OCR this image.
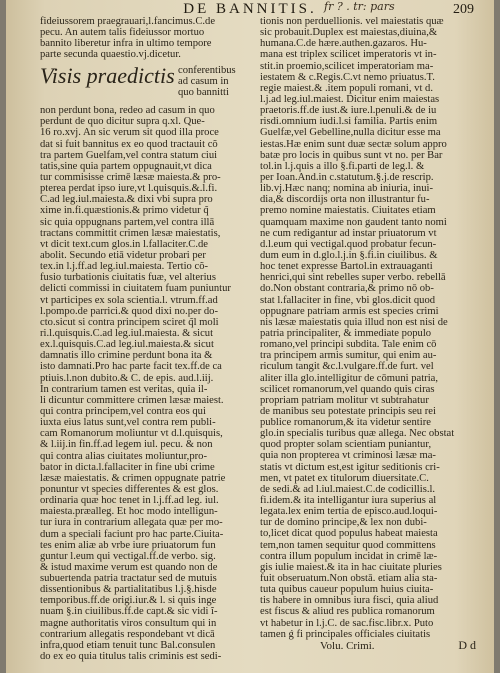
DE BANNITIS. fr ? . tr: pars	209
fideiussorem praegrauari,l.fancimus.C.de
pecu. An autem talis fideiussor mortuo
bannito liberetur infra in ultimo tempore
parte secunda quaestio.vj.dicetur.
Visis praedictis conferentibus
ad casum in
quo bannitti
non perdunt bona, redeo ad casum in quo
perdunt de quo dicitur supra q.xl. Que-
16 ro.xvj. An sic verum sit quod illa proce
dat si fuit bannitus ex eo quod tractauit cõ
tra partem Guelfam,vel contra statum ciui
tatis,sine quia partem oppugnauit,vt dica
tur commisisse crimē læsæ maiesta.& pro-
pterea perdat ipso iure,vt l.quisquis.&.l.fi.
C.ad leg.iul.maiesta.& dixi vbi supra pro
xime in.fi.quæstionis.& primo videtur q̃
sic quia oppugnans partem,vel contra illā
tractans committit crimen læsæ maiestatis,
vt dicit text.cum glos.in l.fallaciter.C.de
abolit. Secundo etiā videtur probari per
tex.in l.j.ff.ad leg.iul.maiesta. Tertio cõ-
fusio turbationis ciuitatis fuæ, vel alterius
delicti commissi in ciuitatem fuam puniuntur
vt participes ex sola scientia.l. vtrum.ff.ad
l.pompo.de parrici.& quod dixi no.per do-
cto.sicut si contra principem sciret q̃l moli
ri.l.quisquis.C.ad leg.iul.maiesta. & sicut
ex.l.quisquis.C.ad leg.iul.maiesta.& sicut
damnatis illo crimine perdunt bona ita &
isto damnati.Pro hac parte facit tex.ff.de ca
ptiuis.l.non dubito.& C. de epis. aud.l.iij.
In contrarium tamen est veritas, quia il-
li dicuntur committere crimen læsæ maiest.
qui contra principem,vel contra eos qui
iuxta eius latus sunt,vel contra rem publi-
cam Romanorum moliuntur vt d.l.quisquis,
& l.iij.in fin.ff.ad legem iul. pecu. & non
qui contra alias ciuitates moliuntur,pro-
bator in dicta.l.fallaciter in fine ubi crime
læsæ maiestatis. & crimen oppugnate patrie
ponuntur vt species differentes & est glos.
ordinaria quæ hoc tenet in l.j.ff.ad leg. iul.
maiesta.præalleg. Et hoc modo intelligun-
tur iura in contrarium allegata quæ per mo-
dum a speciali faciunt pro hac parte.Ciuita-
tes enim aliæ ab vrbe iure priuatorum fun
guntur l.eum qui vectigal.ff.de verbo. sig.
& istud maxime verum est quando non de
subuertenda patria tractatur sed de mutuis
dissentionibus & partialitatibus l.j.§.hisde
temporibus.ff.de origi.iur.& l. si quis inge
nuam §.in ciuilibus.ff.de capt.& sic vidi ĩ-
magne authoritatis viros consultum qui in
contrarium allegatis respondebant vt dicā
infra,quod etiam tenuit tunc Bal.consulen
do ex eo quia titulus talis criminis est sedi-
tionis non perduellionis. vel maiestatis quæ
sic probauit.Duplex est maiestas,diuina,&
humana.C.de hære.authen.gazaros. Hu-
mana est triplex scilicet imperatoris vt in-
stit.in proemio,scilicet imperatoriam ma-
iestatem & c.Regis.C.vt nemo priuatus.T.
regie maiest.& .item populi romani, vt d.
l.j.ad leg.iul.maiest. Dicitur enim maiestas
praetoris.ff.de iust.& iure.l.penuli.& de iu
risdi.omnium iudi.l.si familia. Partis enim
Guelfæ,vel Gebelline,nulla dicitur esse ma
iestas.Hæ enim sunt duæ sectæ solum appro
batæ pro locis in quibus sunt vt no. per Bar
tol.in l.j.quis a illo §.fi.parti de leg.l. &
per Ioan.And.in c.statutum.§.j.de rescrip.
lib.vj.Hæc nanq; nomina ab iniuria, inui-
dia,& discordijs orta non illustrantur fu-
premo nomine maiestatis. Ciuitates etiam
quamquam maxime non gaudent tanto nomi
ne cum redigantur ad instar priuatorum vt
d.l.eum qui vectigal.quod probatur fecun-
dum eum in d.glo.l.j.in §.fi.in ciuilibus. &
hoc tenet expresse Bartol.in extrauaganti
henrici,qui sint rebelles super verbo. rebellā
do.Non obstant contraria,& primo nō ob-
stat l.fallaciter in fine, vbi glos.dicit quod
oppugnare patriam armis est species crimi
nis læsæ maiestatis quia illud non est nisi de
patria principaliter, & immediate populo
romano,vel principi subdita. Tale enim cō
tra principem armis sumitur, qui enim au-
riculum tangit &c.l.vulgare.ff.de furt. vel
aliter illa glo.intelligitur de cōmuni patria,
scilicet romanorum,vel quando quis ciras
propriam patriam molitur vt subtrahatur
de manibus seu potestate principis seu rei
publice romanorum,& ita videtur sentire
glo.in specialis turibus quæ allega. Nec obstat
quod propter solam scientiam puniantur,
quia non propterea vt criminosi læsæ ma-
statis vt dictum est,est igitur seditionis cri-
men, vt patet ex titulorum diuersitate.C.
de sedi.& ad l.iul.maiest.C.de codicillis.l.
fi.idem.& ita intelligantur iura superius al
legata.lex enim tertia de episco.aud.loqui-
tur de domino principe,& lex non dubi-
to,licet dicat quod populus habeat maiesta
tem,non tamen sequitur quod committens
contra illum populum incidat in crimē læ-
gis iulie maiest.& ita in hac ciuitate pluries
fuit obseruatum.Non obstā. etiam alia sta-
tuta quibus caueur populum huius ciuita-
tis habere in omnibus iura fisci, quia aliud
est fiscus & aliud res publica romanorum
vt habetur in l.j.C. de sac.fisc.libr.x. Puto
tamen ǵ fi principales officiales ciuitatis
Volu. Crimi.	D d
